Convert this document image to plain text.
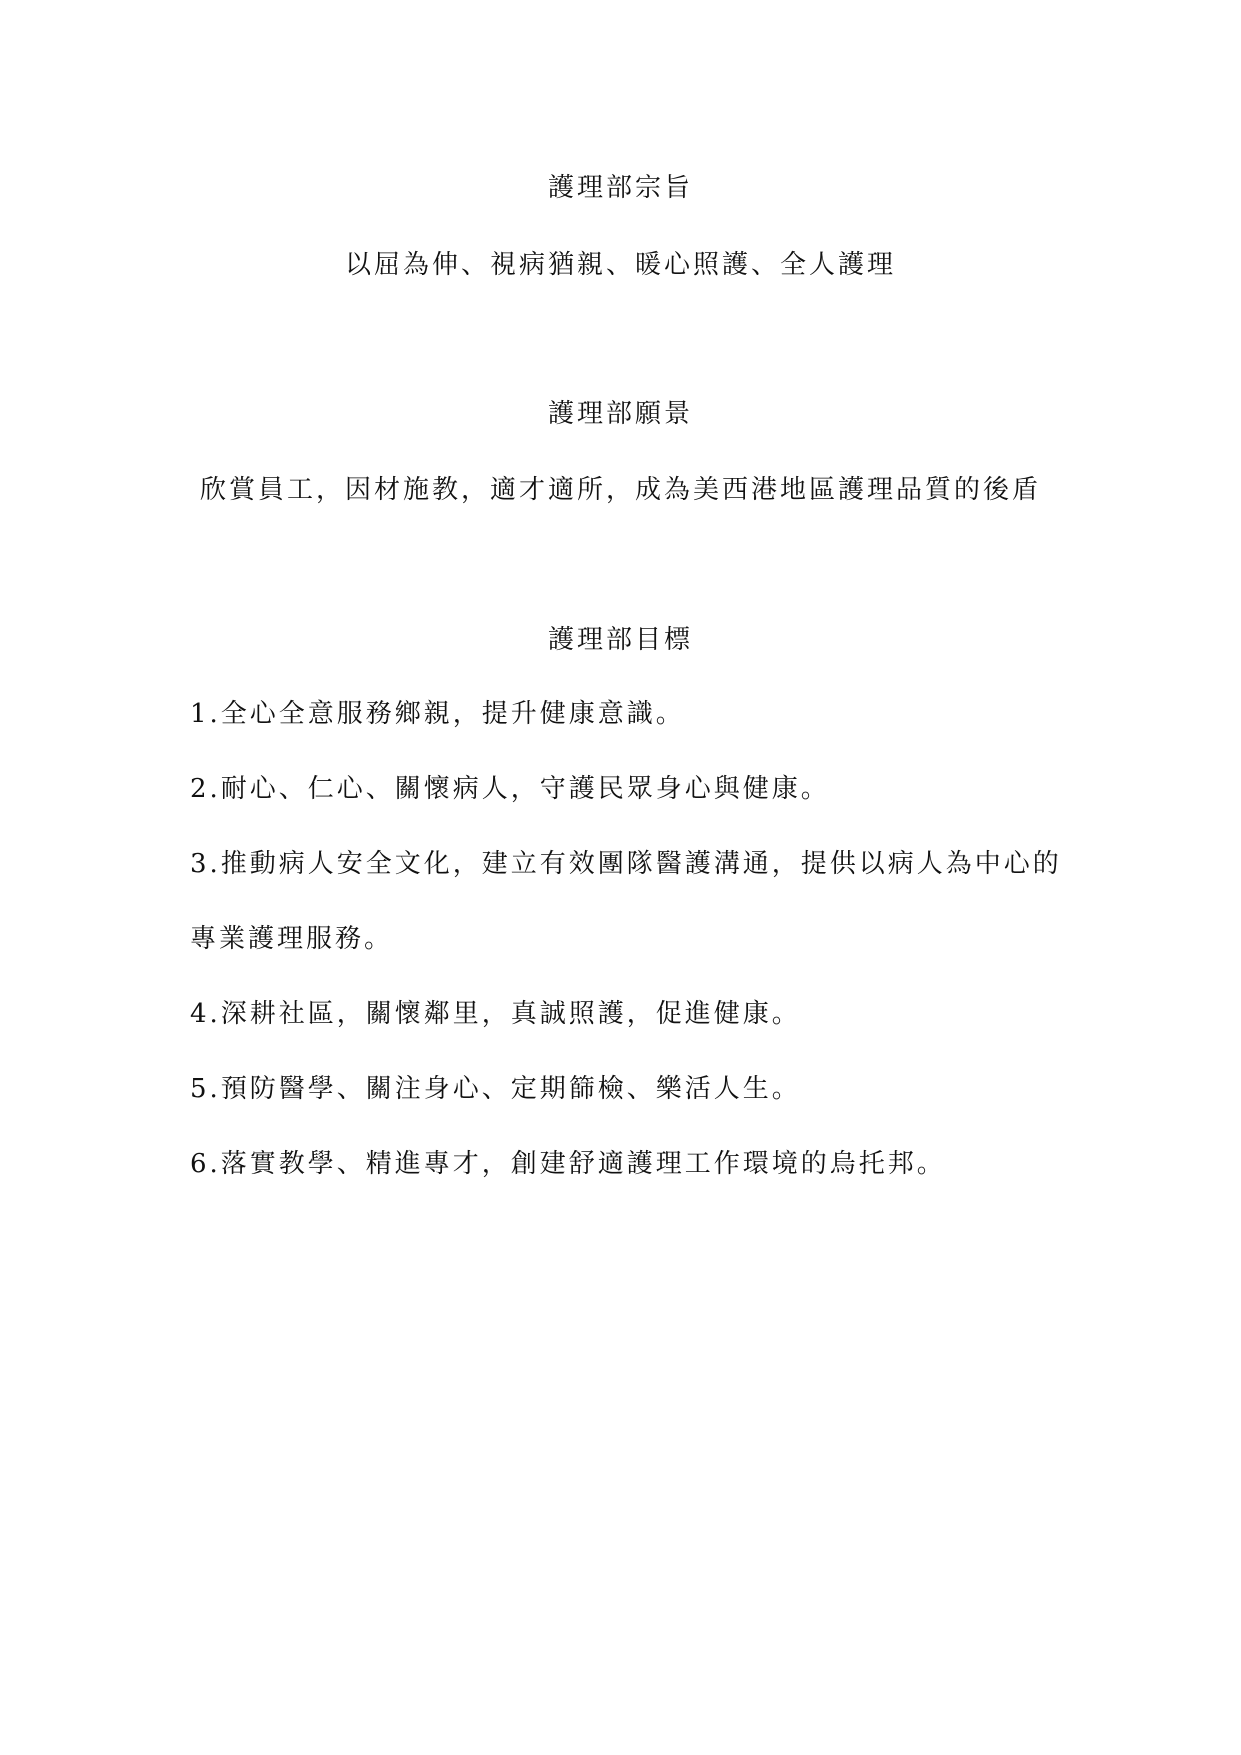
護理部宗旨
以屈為伸、視病猶親、暖心照護、全人護理
護理部願景
欣賞員工，因材施教，適才適所，成為美西港地區護理品質的後盾
護理部目標
1.全心全意服務鄉親，提升健康意識。
2.耐心、仁心、關懷病人，守護民眾身心與健康。
3.推動病人安全文化，建立有效團隊醫護溝通，提供以病人為中心的
專業護理服務。
4.深耕社區，關懷鄰里，真誠照護，促進健康。
5.預防醫學、關注身心、定期篩檢、樂活人生。
6.落實教學、精進專才，創建舒適護理工作環境的烏托邦。
